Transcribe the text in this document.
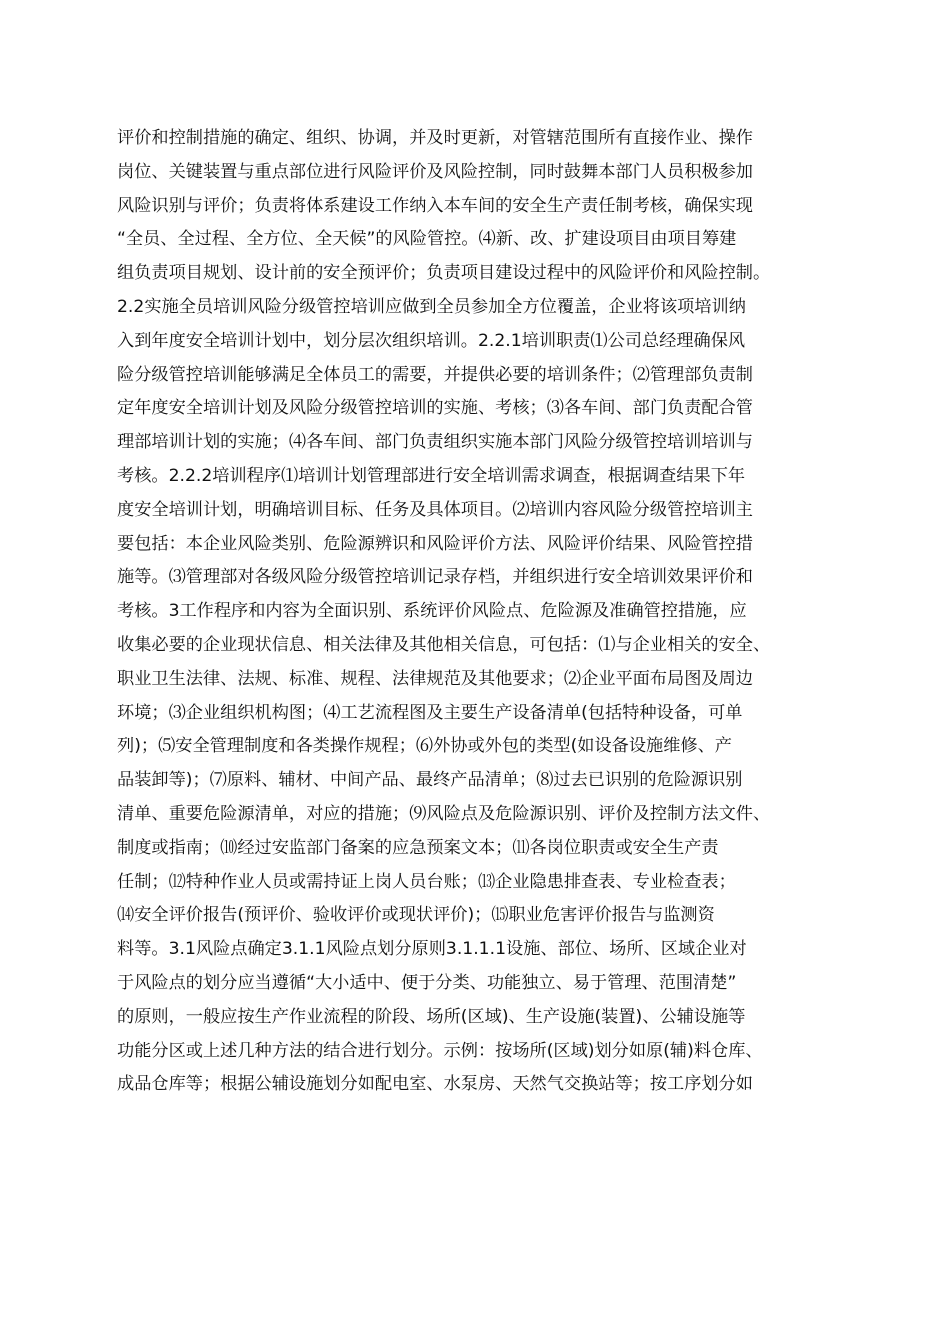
评价和控制措施的确定、组织、协调，并及时更新，对管辖范围所有直接作业、操作
岗位、关键装置与重点部位进行风险评价及风险控制，同时鼓舞本部门人员积极参加
风险识别与评价；负责将体系建设工作纳入本车间的安全生产责任制考核，确保实现
“全员、全过程、全方位、全天候”的风险管控。⑷新、改、扩建设项目由项目筹建
组负责项目规划、设计前的安全预评价；负责项目建设过程中的风险评价和风险控制。
2.2实施全员培训风险分级管控培训应做到全员参加全方位覆盖，企业将该项培训纳
入到年度安全培训计划中，划分层次组织培训。2.2.1培训职责⑴公司总经理确保风
险分级管控培训能够满足全体员工的需要，并提供必要的培训条件；⑵管理部负责制
定年度安全培训计划及风险分级管控培训的实施、考核；⑶各车间、部门负责配合管
理部培训计划的实施；⑷各车间、部门负责组织实施本部门风险分级管控培训培训与
考核。2.2.2培训程序⑴培训计划管理部进行安全培训需求调查，根据调查结果下年
度安全培训计划，明确培训目标、任务及具体项目。⑵培训内容风险分级管控培训主
要包括：本企业风险类别、危险源辨识和风险评价方法、风险评价结果、风险管控措
施等。⑶管理部对各级风险分级管控培训记录存档，并组织进行安全培训效果评价和
考核。3工作程序和内容为全面识别、系统评价风险点、危险源及准确管控措施，应
收集必要的企业现状信息、相关法律及其他相关信息，可包括：⑴与企业相关的安全、
职业卫生法律、法规、标准、规程、法律规范及其他要求；⑵企业平面布局图及周边
环境；⑶企业组织机构图；⑷工艺流程图及主要生产设备清单(包括特种设备，可单
列)；⑸安全管理制度和各类操作规程；⑹外协或外包的类型(如设备设施维修、产
品装卸等)；⑺原料、辅材、中间产品、最终产品清单；⑻过去已识别的危险源识别
清单、重要危险源清单，对应的措施；⑼风险点及危险源识别、评价及控制方法文件、
制度或指南；⑽经过安监部门备案的应急预案文本；⑾各岗位职责或安全生产责
任制；⑿特种作业人员或需持证上岗人员台账；⒀企业隐患排查表、专业检查表；
⒁安全评价报告(预评价、验收评价或现状评价)；⒂职业危害评价报告与监测资
料等。3.1风险点确定3.1.1风险点划分原则3.1.1.1设施、部位、场所、区域企业对
于风险点的划分应当遵循“大小适中、便于分类、功能独立、易于管理、范围清楚”
的原则，一般应按生产作业流程的阶段、场所(区域)、生产设施(装置)、公辅设施等
功能分区或上述几种方法的结合进行划分。示例：按场所(区域)划分如原(辅)料仓库、
成品仓库等；根据公辅设施划分如配电室、水泵房、天然气交换站等；按工序划分如
